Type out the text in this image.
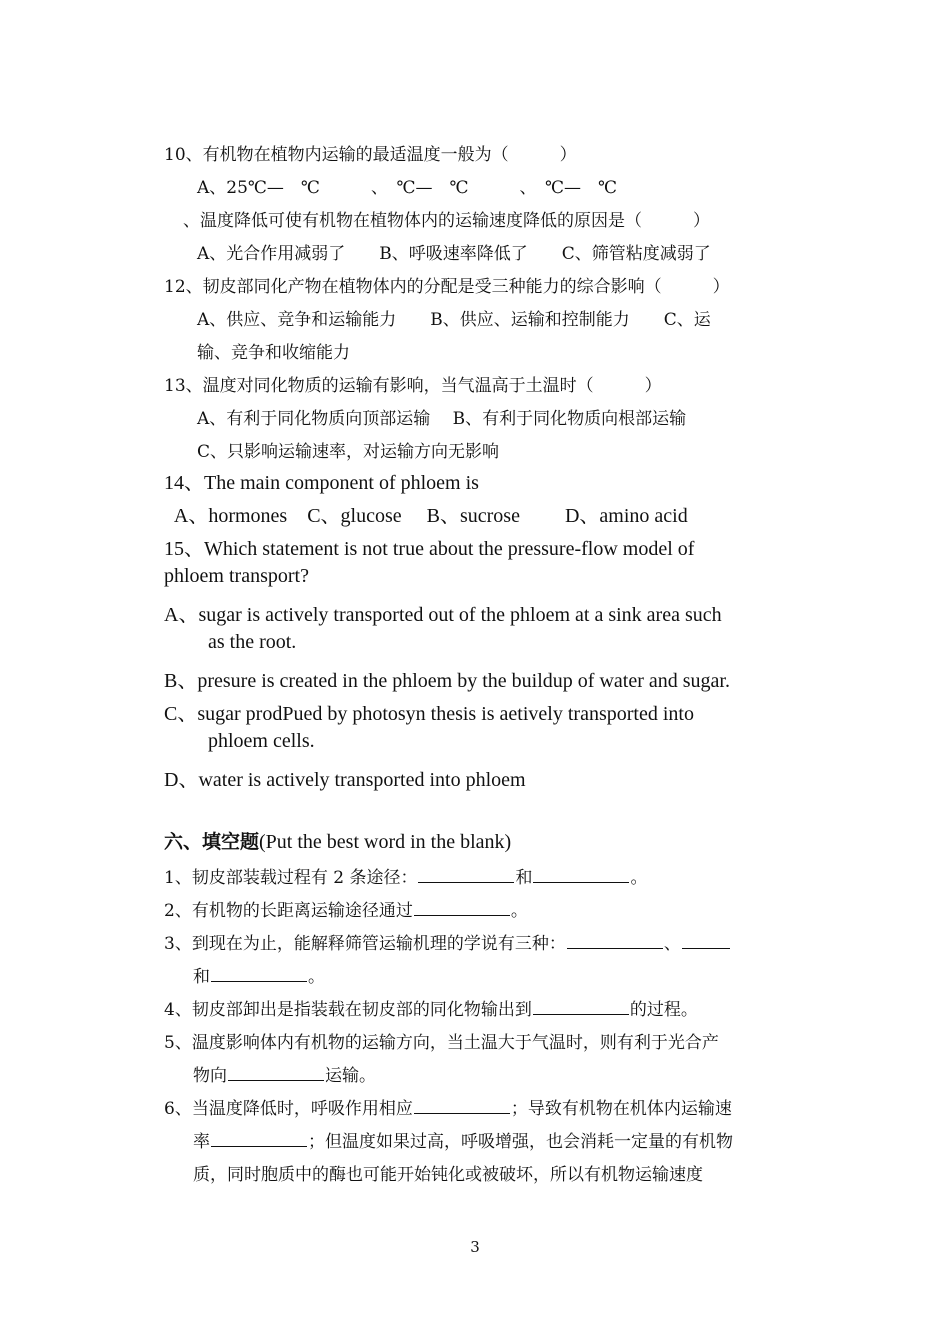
10、有机物在植物内运输的最适温度一般为（　　　）
A、25℃—　℃　　　、　℃—　℃　　　、　℃—　℃
、温度降低可使有机物在植物体内的运输速度降低的原因是（　　　）
A、光合作用减弱了　　B、呼吸速率降低了　　C、筛管粘度减弱了
12、韧皮部同化产物在植物体内的分配是受三种能力的综合影响（　　　）
A、供应、竞争和运输能力　　B、供应、运输和控制能力　　C、运
输、竞争和收缩能力
13、温度对同化物质的运输有影响，当气温高于土温时（　　　）
A、有利于同化物质向顶部运输　 B、有利于同化物质向根部运输
C、只影响运输速率，对运输方向无影响
14、The main component of phloem is
A、hormones　C、glucose　 B、sucrose　　 D、amino acid
15、Which statement is not true about the pressure-flow model of
phloem transport?
A、sugar is actively transported out of the phloem at a sink area such
as the root.
B、presure is created in the phloem by the buildup of water and sugar.
C、sugar prodPued by photosyn thesis is aetively transported into
phloem cells.
D、water is actively transported into phloem
六、填空题(Put the best word in the blank)
1、韧皮部装载过程有 2 条途径：	和	。
2、有机物的长距离运输途径通过	。
3、到现在为止，能解释筛管运输机理的学说有三种：	、
和	。
4、韧皮部卸出是指装载在韧皮部的同化物输出到	的过程。
5、温度影响体内有机物的运输方向，当土温大于气温时，则有利于光合产
物向	运输。
6、当温度降低时，呼吸作用相应	；导致有机物在机体内运输速
率	；但温度如果过高，呼吸增强，也会消耗一定量的有机物
质，同时胞质中的酶也可能开始钝化或被破坏，所以有机物运输速度
3
